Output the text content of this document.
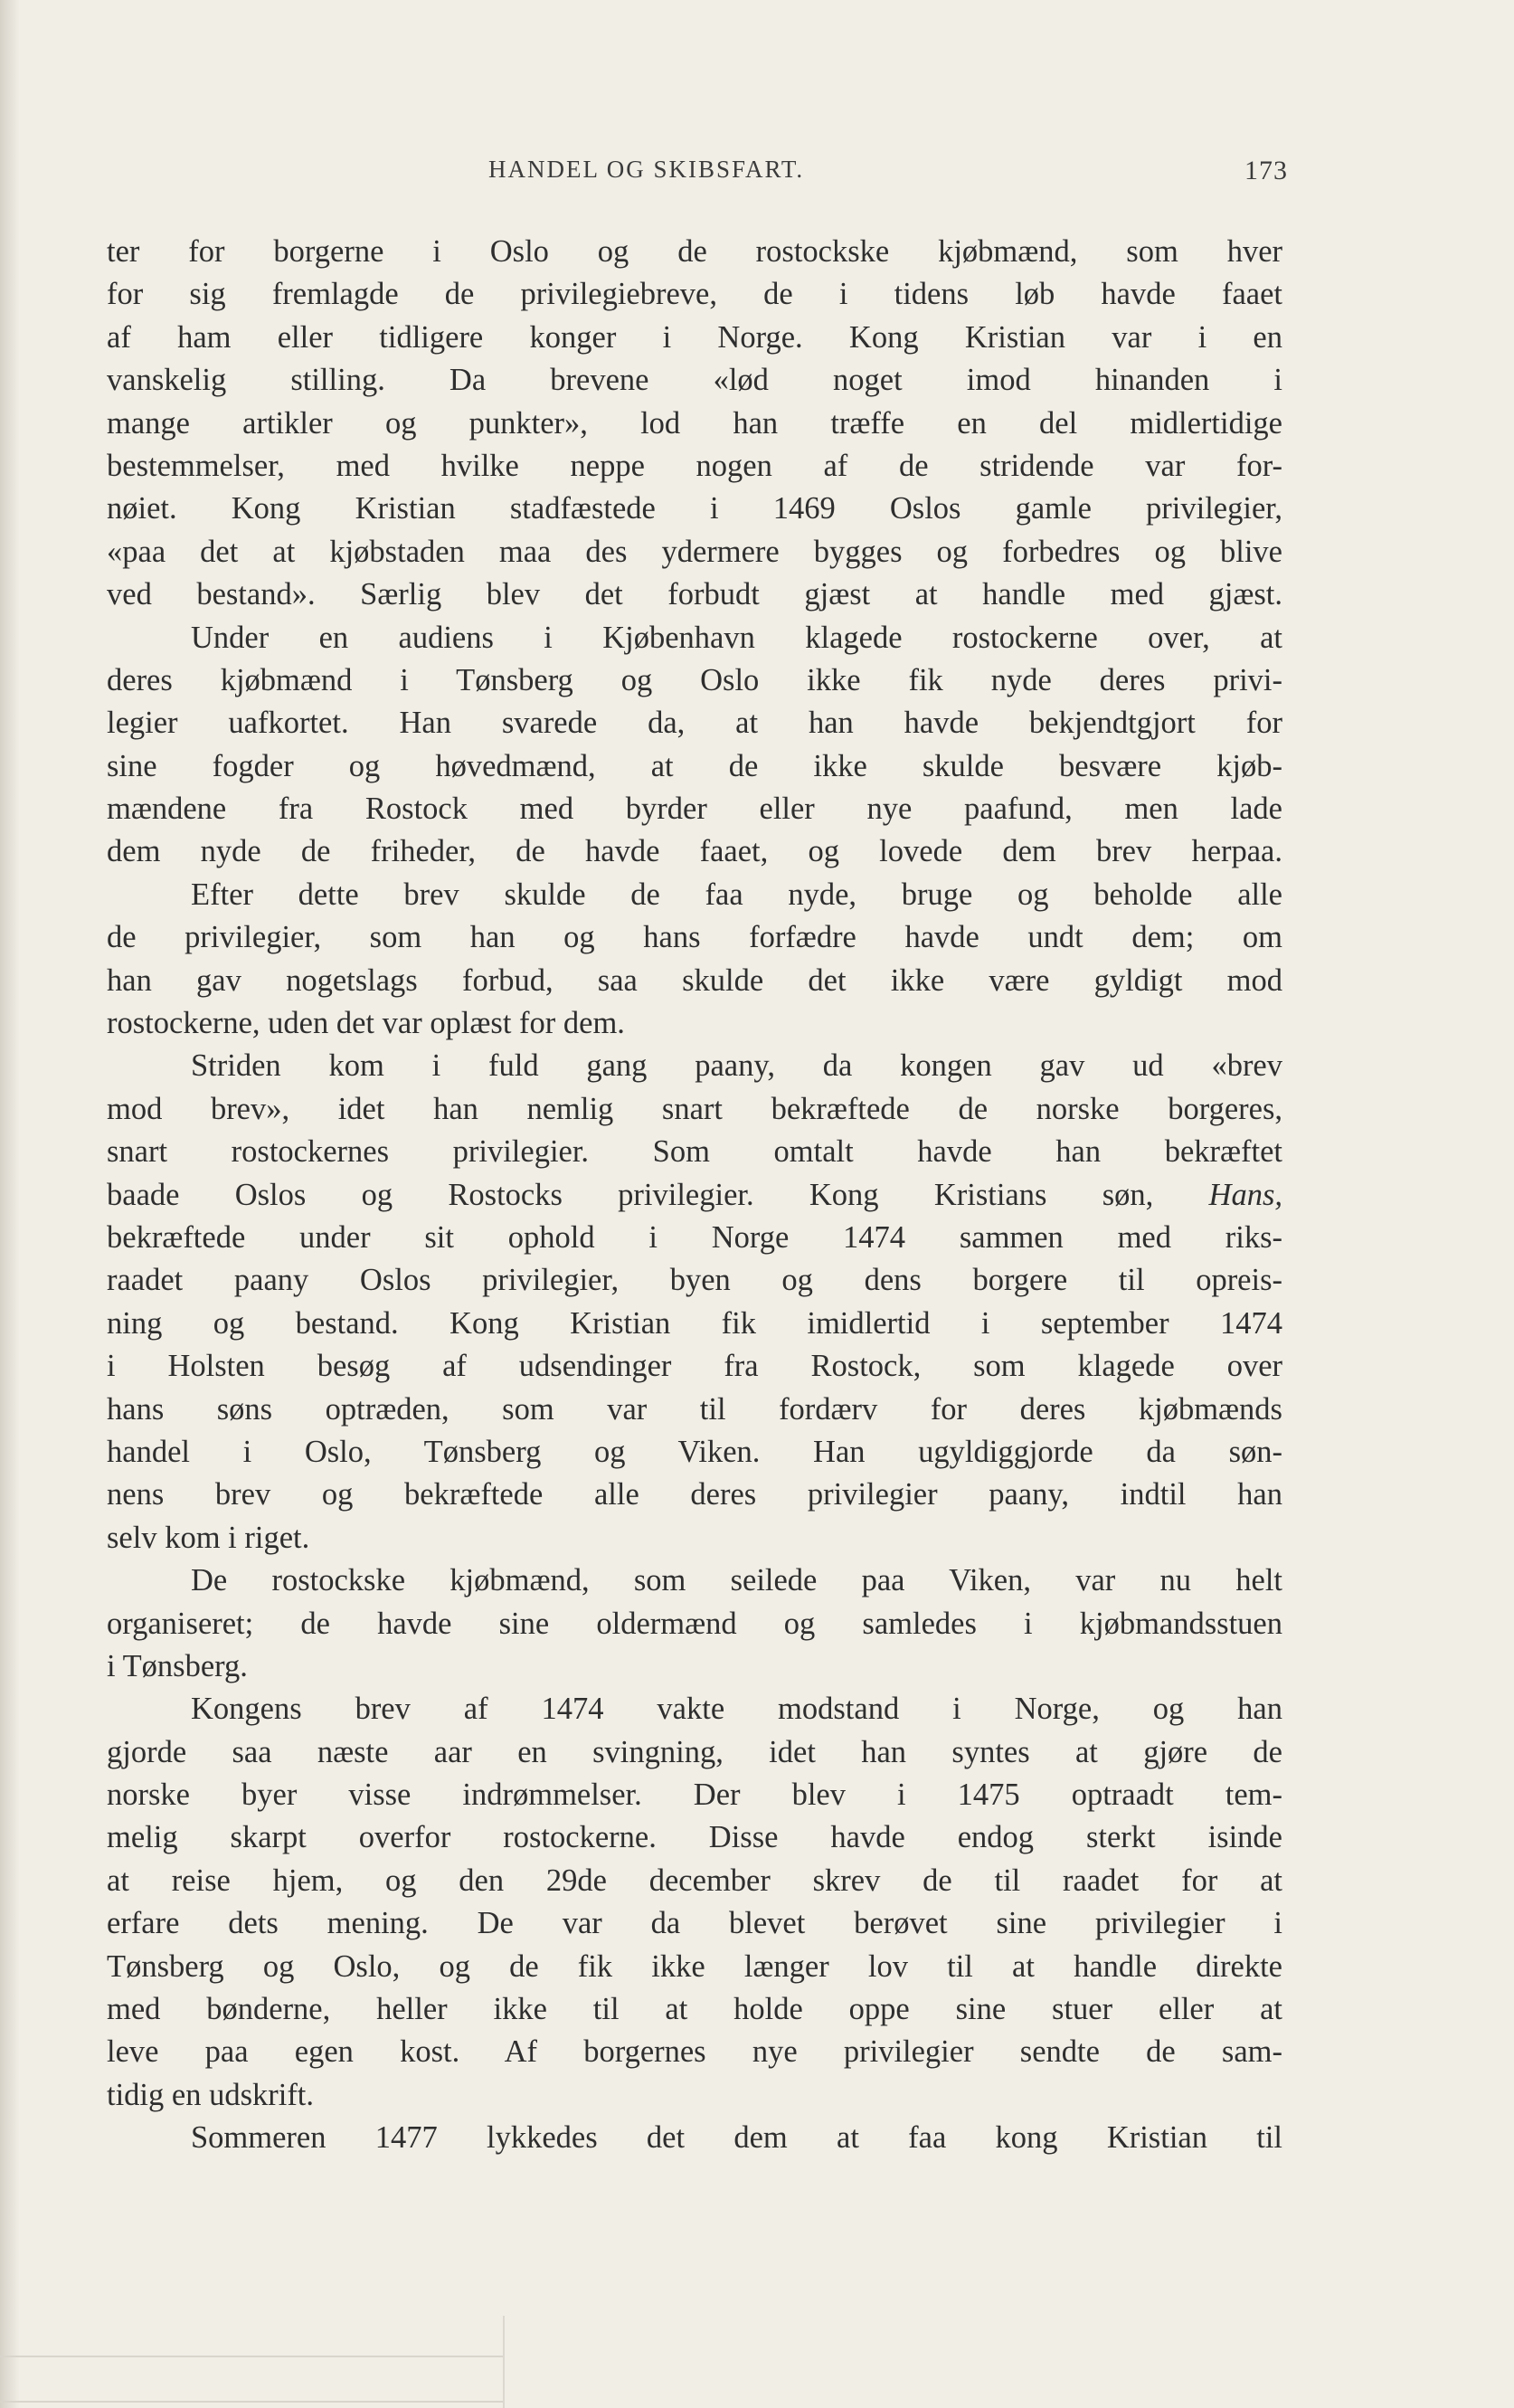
HANDEL OG SKIBSFART.	173
ter for borgerne i Oslo og de rostockske kjøbmænd, som hver
for sig fremlagde de privilegiebreve, de i tidens løb havde faaet
af ham eller tidligere konger i Norge. Kong Kristian var i en
vanskelig stilling. Da brevene «lød noget imod hinanden i
mange artikler og punkter», lod han træffe en del midlertidige
bestemmelser, med hvilke neppe nogen af de stridende var for-
nøiet. Kong Kristian stadfæstede i 1469 Oslos gamle privilegier,
«paa det at kjøbstaden maa des ydermere bygges og forbedres og blive
ved bestand». Særlig blev det forbudt gjæst at handle med gjæst.
Under en audiens i Kjøbenhavn klagede rostockerne over, at
deres kjøbmænd i Tønsberg og Oslo ikke fik nyde deres privi-
legier uafkortet. Han svarede da, at han havde bekjendtgjort for
sine fogder og høvedmænd, at de ikke skulde besvære kjøb-
mændene fra Rostock med byrder eller nye paafund, men lade
dem nyde de friheder, de havde faaet, og lovede dem brev herpaa.
Efter dette brev skulde de faa nyde, bruge og beholde alle
de privilegier, som han og hans forfædre havde undt dem; om
han gav nogetslags forbud, saa skulde det ikke være gyldigt mod
rostockerne, uden det var oplæst for dem.
Striden kom i fuld gang paany, da kongen gav ud «brev
mod brev», idet han nemlig snart bekræftede de norske borgeres,
snart rostockernes privilegier. Som omtalt havde han bekræftet
baade Oslos og Rostocks privilegier. Kong Kristians søn, Hans,
bekræftede under sit ophold i Norge 1474 sammen med riks-
raadet paany Oslos privilegier, byen og dens borgere til opreis-
ning og bestand. Kong Kristian fik imidlertid i september 1474
i Holsten besøg af udsendinger fra Rostock, som klagede over
hans søns optræden, som var til fordærv for deres kjøbmænds
handel i Oslo, Tønsberg og Viken. Han ugyldiggjorde da søn-
nens brev og bekræftede alle deres privilegier paany, indtil han
selv kom i riget.
De rostockske kjøbmænd, som seilede paa Viken, var nu helt
organiseret; de havde sine oldermænd og samledes i kjøbmandsstuen
i Tønsberg.
Kongens brev af 1474 vakte modstand i Norge, og han
gjorde saa næste aar en svingning, idet han syntes at gjøre de
norske byer visse indrømmelser. Der blev i 1475 optraadt tem-
melig skarpt overfor rostockerne. Disse havde endog sterkt isinde
at reise hjem, og den 29de december skrev de til raadet for at
erfare dets mening. De var da blevet berøvet sine privilegier i
Tønsberg og Oslo, og de fik ikke længer lov til at handle direkte
med bønderne, heller ikke til at holde oppe sine stuer eller at
leve paa egen kost. Af borgernes nye privilegier sendte de sam-
tidig en udskrift.
Sommeren 1477 lykkedes det dem at faa kong Kristian til
